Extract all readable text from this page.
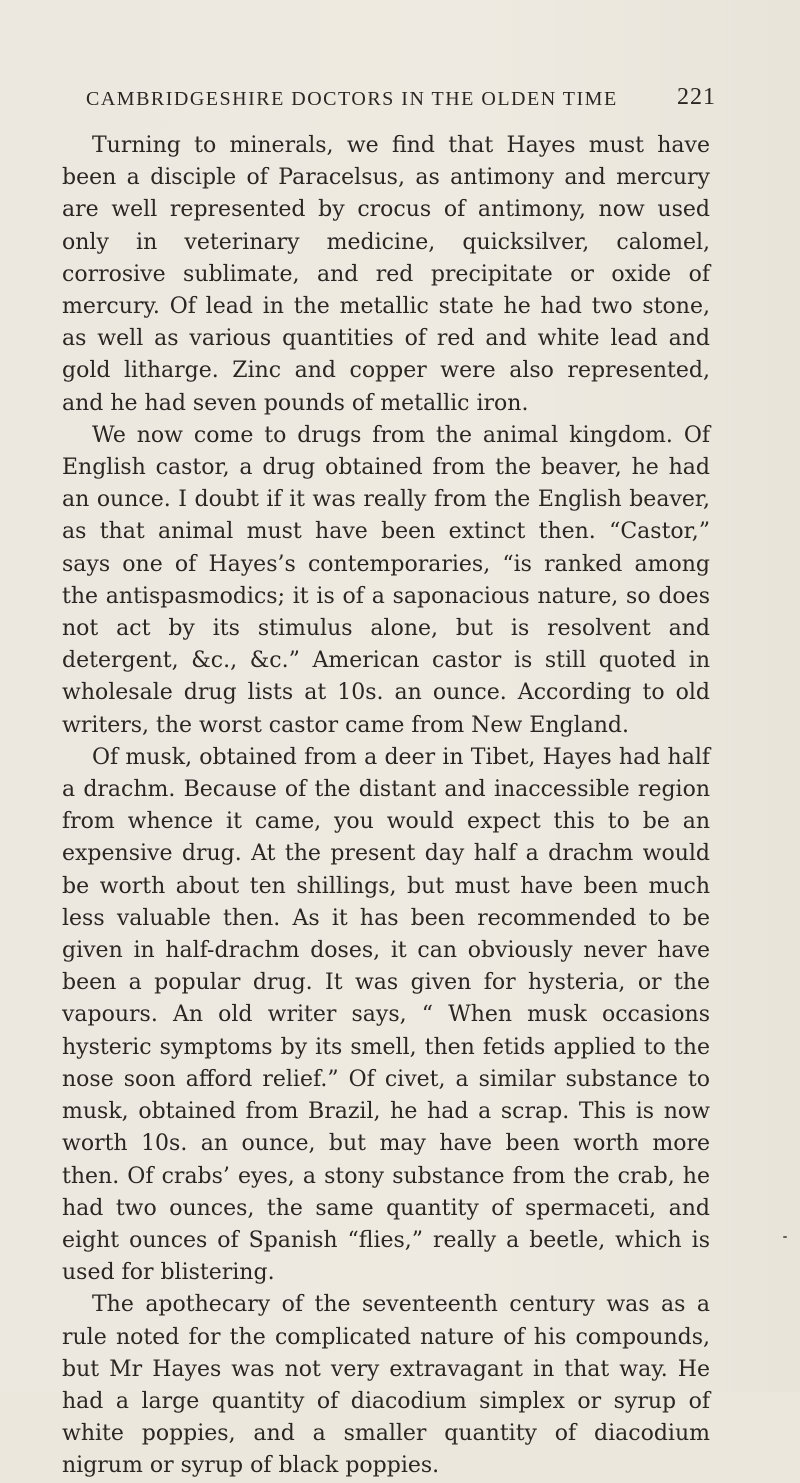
CAMBRIDGESHIRE DOCTORS IN THE OLDEN TIME 221

Turning to minerals, we find that Hayes must have been a disciple of Paracelsus, as antimony and mercury are well represented by crocus of antimony, now used only in veterinary medicine, quicksilver, calomel, corrosive sublimate, and red precipitate or oxide of mercury. Of lead in the metallic state he had two stone, as well as various quantities of red and white lead and gold litharge. Zinc and copper were also represented, and he had seven pounds of metallic iron.

We now come to drugs from the animal kingdom. Of English castor, a drug obtained from the beaver, he had an ounce. I doubt if it was really from the English beaver, as that animal must have been extinct then. “Castor,” says one of Hayes’s contemporaries, “is ranked among the antispasmodics; it is of a saponacious nature, so does not act by its stimulus alone, but is resolvent and detergent, &c., &c.” American castor is still quoted in wholesale drug lists at 10s. an ounce. According to old writers, the worst castor came from New England.

Of musk, obtained from a deer in Tibet, Hayes had half a drachm. Because of the distant and inaccessible region from whence it came, you would expect this to be an expensive drug. At the present day half a drachm would be worth about ten shillings, but must have been much less valuable then. As it has been recommended to be given in half-drachm doses, it can obviously never have been a popular drug. It was given for hysteria, or the vapours. An old writer says, “ When musk occasions hysteric symptoms by its smell, then fetids applied to the nose soon afford relief.” Of civet, a similar substance to musk, obtained from Brazil, he had a scrap. This is now worth 10s. an ounce, but may have been worth more then. Of crabs’ eyes, a stony substance from the crab, he had two ounces, the same quantity of spermaceti, and eight ounces of Spanish “flies,” really a beetle, which is used for blistering.

The apothecary of the seventeenth century was as a rule noted for the complicated nature of his compounds, but Mr Hayes was not very extravagant in that way. He had a large quantity of diacodium simplex or syrup of white poppies, and a smaller quantity of diacodium nigrum or syrup of black poppies.
